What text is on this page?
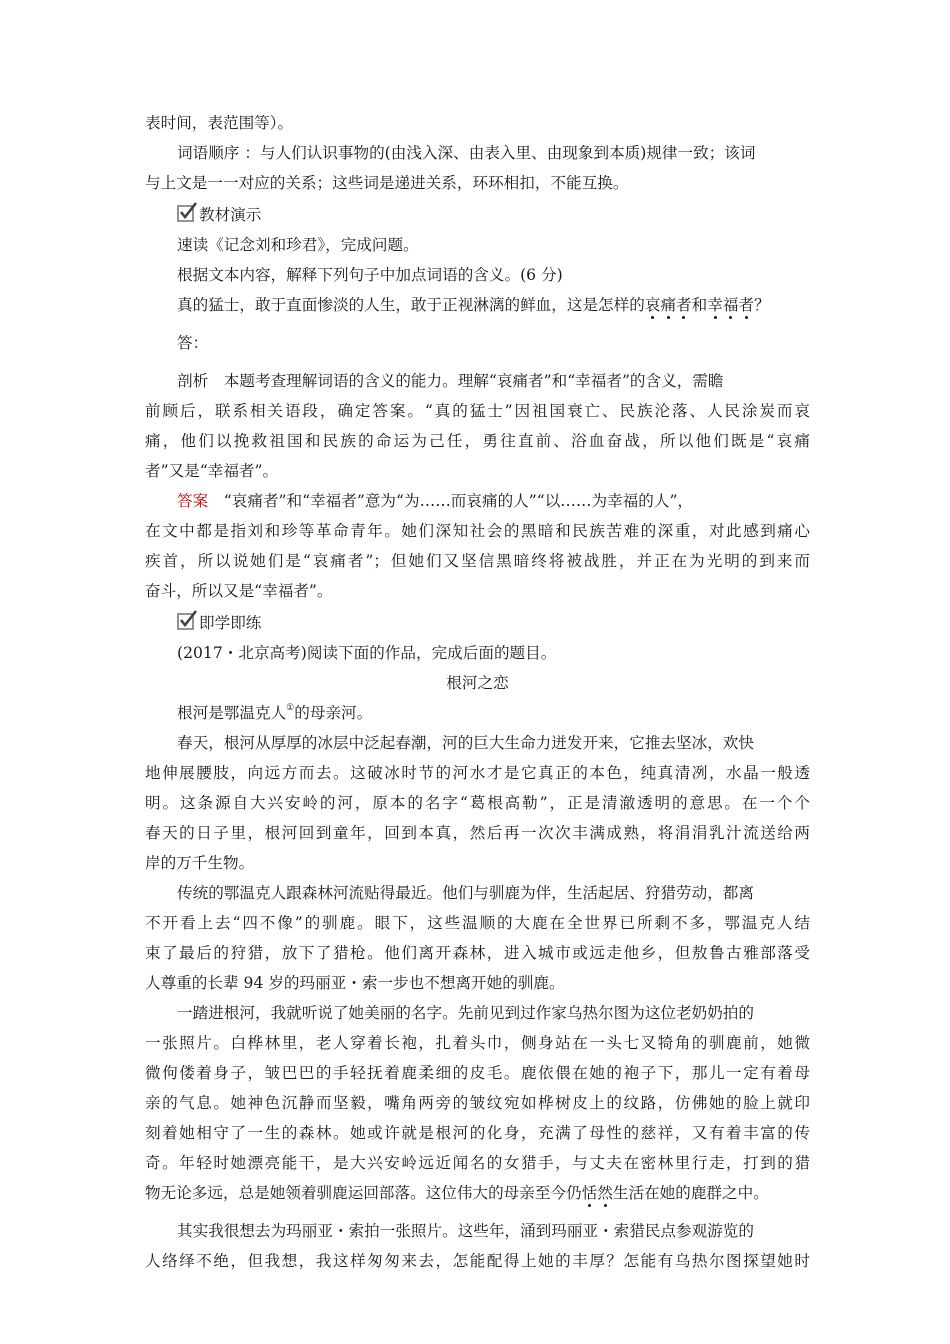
表时间，表范围等）。
词语顺序 ：与人们认识事物的(由浅入深、由表入里、由现象到本质)规律一致；该词
与上文是一一对应的关系；这些词是递进关系，环环相扣，不能互换。
教材演示
速读《记念刘和珍君》，完成问题。
根据文本内容，解释下列句子中加点词语的含义。(6 分)
真的猛士，敢于直面惨淡的人生，敢于正视淋漓的鲜血，这是怎样的哀痛者和幸福者？
答：
剖析　本题考查理解词语的含义的能力。理解“哀痛者”和“幸福者”的含义，需瞻
前顾后，联系相关语段，确定答案。“真的猛士”因祖国衰亡、民族沦落、人民涂炭而哀
痛，他们以挽救祖国和民族的命运为己任，勇往直前、浴血奋战，所以他们既是“哀痛
者”又是“幸福者”。
答案　“哀痛者”和“幸福者”意为“为……而哀痛的人”“以……为幸福的人”，
在文中都是指刘和珍等革命青年。她们深知社会的黑暗和民族苦难的深重，对此感到痛心
疾首，所以说她们是“哀痛者”；但她们又坚信黑暗终将被战胜，并正在为光明的到来而
奋斗，所以又是“幸福者”。
即学即练
(2017・北京高考)阅读下面的作品，完成后面的题目。
根河之恋
根河是鄂温克人①的母亲河。
春天，根河从厚厚的冰层中泛起春潮，河的巨大生命力迸发开来，它推去坚冰，欢快
地伸展腰肢，向远方而去。这破冰时节的河水才是它真正的本色，纯真清冽，水晶一般透
明。这条源自大兴安岭的河，原本的名字“葛根高勒”，正是清澈透明的意思。在一个个
春天的日子里，根河回到童年，回到本真，然后再一次次丰满成熟，将涓涓乳汁流送给两
岸的万千生物。
传统的鄂温克人跟森林河流贴得最近。他们与驯鹿为伴，生活起居、狩猎劳动，都离
不开看上去“四不像”的驯鹿。眼下，这些温顺的大鹿在全世界已所剩不多，鄂温克人结
束了最后的狩猎，放下了猎枪。他们离开森林，进入城市或远走他乡，但敖鲁古雅部落受
人尊重的长辈 94 岁的玛丽亚・索一步也不想离开她的驯鹿。
一踏进根河，我就听说了她美丽的名字。先前见到过作家乌热尔图为这位老奶奶拍的
一张照片。白桦林里，老人穿着长袍，扎着头巾，侧身站在一头七叉犄角的驯鹿前，她微
微佝偻着身子，皱巴巴的手轻抚着鹿柔细的皮毛。鹿依偎在她的袍子下，那儿一定有着母
亲的气息。她神色沉静而坚毅，嘴角两旁的皱纹宛如桦树皮上的纹路，仿佛她的脸上就印
刻着她相守了一生的森林。她或许就是根河的化身，充满了母性的慈祥，又有着丰富的传
奇。年轻时她漂亮能干，是大兴安岭远近闻名的女猎手，与丈夫在密林里行走，打到的猎
物无论多远，总是她领着驯鹿运回部落。这位伟大的母亲至今仍恬然生活在她的鹿群之中。
其实我很想去为玛丽亚・索拍一张照片。这些年，涌到玛丽亚・索猎民点参观游览的
人络绎不绝，但我想，我这样匆匆来去，怎能配得上她的丰厚？怎能有乌热尔图探望她时
